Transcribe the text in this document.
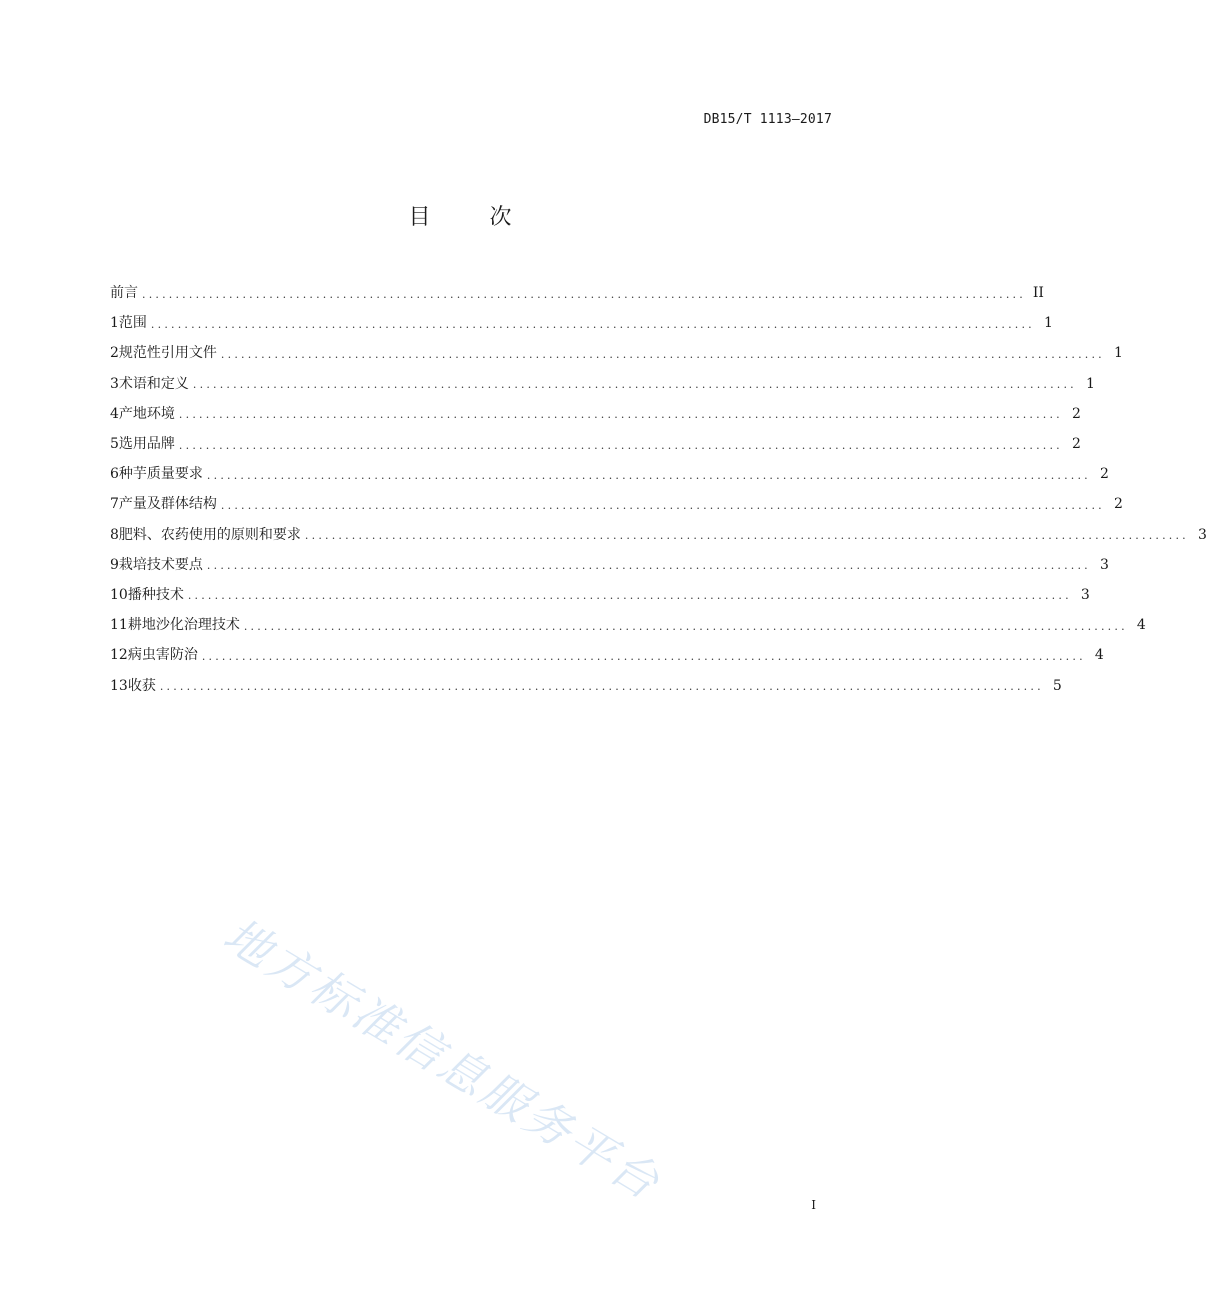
DB15/T 1113—2017
目 次
前言 .................................................................................................................................... II
1 范围 .................................................................................................................................... 1
2 规范性引用文件 .................................................................................................................................... 1
3 术语和定义 .................................................................................................................................... 1
4 产地环境 .................................................................................................................................... 2
5 选用品牌 .................................................................................................................................... 2
6 种芋质量要求 .................................................................................................................................... 2
7 产量及群体结构 .................................................................................................................................... 2
8 肥料、农药使用的原则和要求 .................................................................................................................................... 3
9 栽培技术要点 .................................................................................................................................... 3
10 播种技术 .................................................................................................................................... 3
11 耕地沙化治理技术 .................................................................................................................................... 4
12 病虫害防治 .................................................................................................................................... 4
13 收获 .................................................................................................................................... 5
地方标准信息服务平台	I
